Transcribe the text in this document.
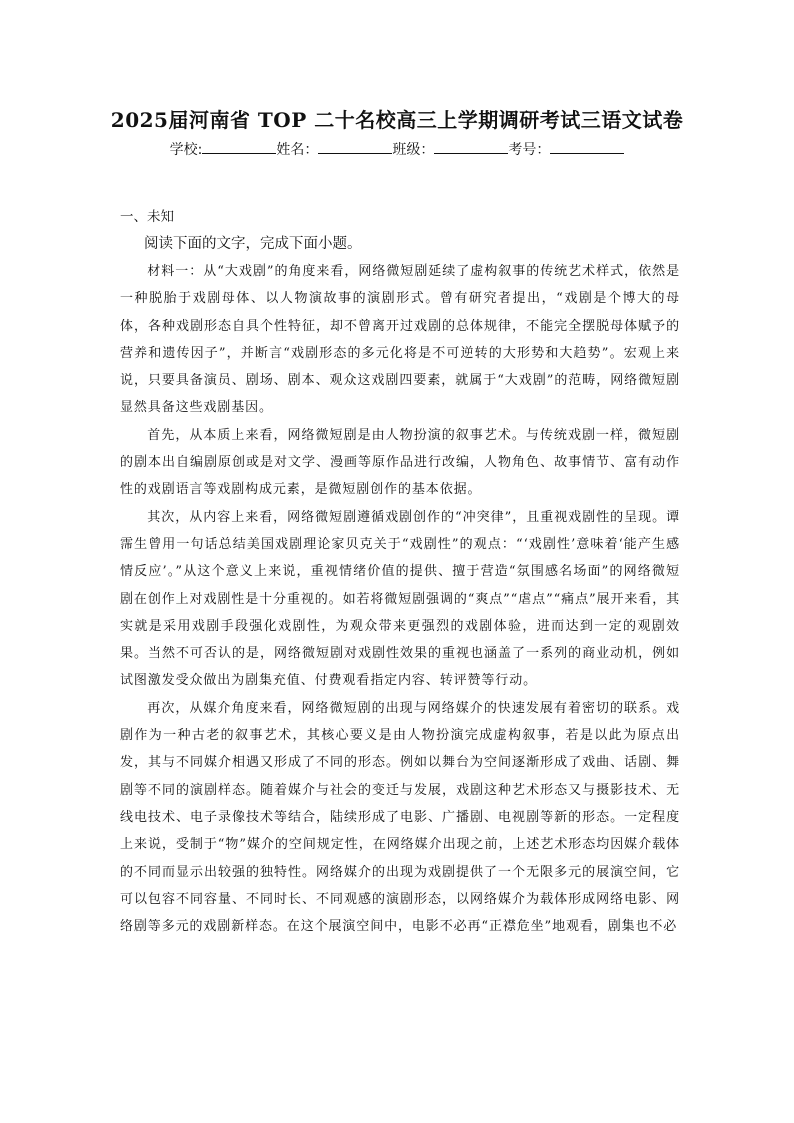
2025届河南省 TOP 二十名校高三上学期调研考试三语文试卷
学校:	姓名：	班级：	考号：
一、未知
阅读下面的文字，完成下面小题。

材料一：从“大戏剧”的角度来看，网络微短剧延续了虚构叙事的传统艺术样式，依然是一种脱胎于戏剧母体、以人物演故事的演剧形式。曾有研究者提出，“戏剧是个博大的母体，各种戏剧形态自具个性特征，却不曾离开过戏剧的总体规律，不能完全摆脱母体赋予的营养和遗传因子”，并断言“戏剧形态的多元化将是不可逆转的大形势和大趋势”。宏观上来说，只要具备演员、剧场、剧本、观众这戏剧四要素，就属于“大戏剧”的范畴，网络微短剧显然具备这些戏剧基因。

首先，从本质上来看，网络微短剧是由人物扮演的叙事艺术。与传统戏剧一样，微短剧的剧本出自编剧原创或是对文学、漫画等原作品进行改编，人物角色、故事情节、富有动作性的戏剧语言等戏剧构成元素，是微短剧创作的基本依据。

其次，从内容上来看，网络微短剧遵循戏剧创作的“冲突律”，且重视戏剧性的呈现。谭霈生曾用一句话总结美国戏剧理论家贝克关于“戏剧性”的观点：“‘戏剧性’意味着‘能产生感情反应’。”从这个意义上来说，重视情绪价值的提供、擅于营造“氛围感名场面”的网络微短剧在创作上对戏剧性是十分重视的。如若将微短剧强调的“爽点”“虐点”“痛点”展开来看，其实就是采用戏剧手段强化戏剧性，为观众带来更强烈的戏剧体验，进而达到一定的观剧效果。当然不可否认的是，网络微短剧对戏剧性效果的重视也涵盖了一系列的商业动机，例如试图激发受众做出为剧集充值、付费观看指定内容、转评赞等行动。

再次，从媒介角度来看，网络微短剧的出现与网络媒介的快速发展有着密切的联系。戏剧作为一种古老的叙事艺术，其核心要义是由人物扮演完成虚构叙事，若是以此为原点出发，其与不同媒介相遇又形成了不同的形态。例如以舞台为空间逐渐形成了戏曲、话剧、舞剧等不同的演剧样态。随着媒介与社会的变迁与发展，戏剧这种艺术形态又与摄影技术、无线电技术、电子录像技术等结合，陆续形成了电影、广播剧、电视剧等新的形态。一定程度上来说，受制于“物”媒介的空间规定性，在网络媒介出现之前，上述艺术形态均因媒介载体的不同而显示出较强的独特性。网络媒介的出现为戏剧提供了一个无限多元的展演空间，它可以包容不同容量、不同时长、不同观感的演剧形态，以网络媒介为载体形成网络电影、网络剧等多元的戏剧新样态。在这个展演空间中，电影不必再“正襟危坐”地观看，剧集也不必
